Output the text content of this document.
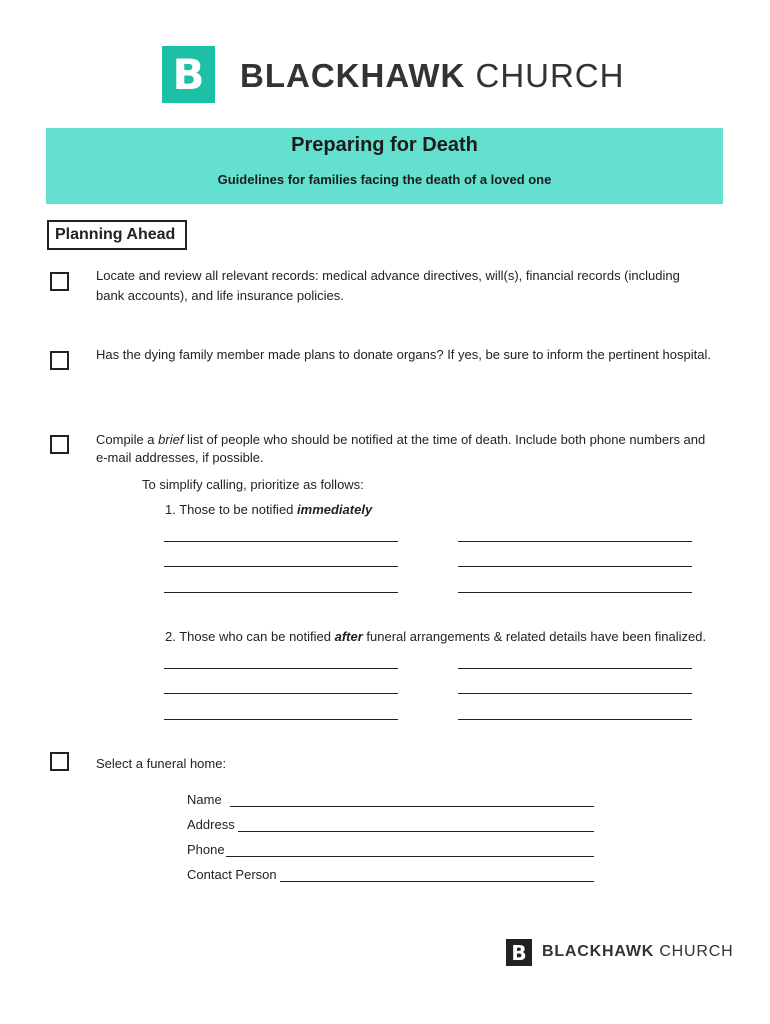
B	BLACKHAWK CHURCH
Preparing for Death
Guidelines for families facing the death of a loved one
Planning Ahead
Locate and review all relevant records: medical advance directives, will(s), financial records (including bank accounts), and life insurance policies.
Has the dying family member made plans to donate organs? If yes, be sure to inform the pertinent hospital.
Compile a brief list of people who should be notified at the time of death. Include both phone numbers and e-mail addresses, if possible.
To simplify calling, prioritize as follows:
1. Those to be notified immediately
2. Those who can be notified after funeral arrangements & related details have been finalized.
Select a funeral home:
Name
Address
Phone
Contact Person
B BLACKHAWK CHURCH
